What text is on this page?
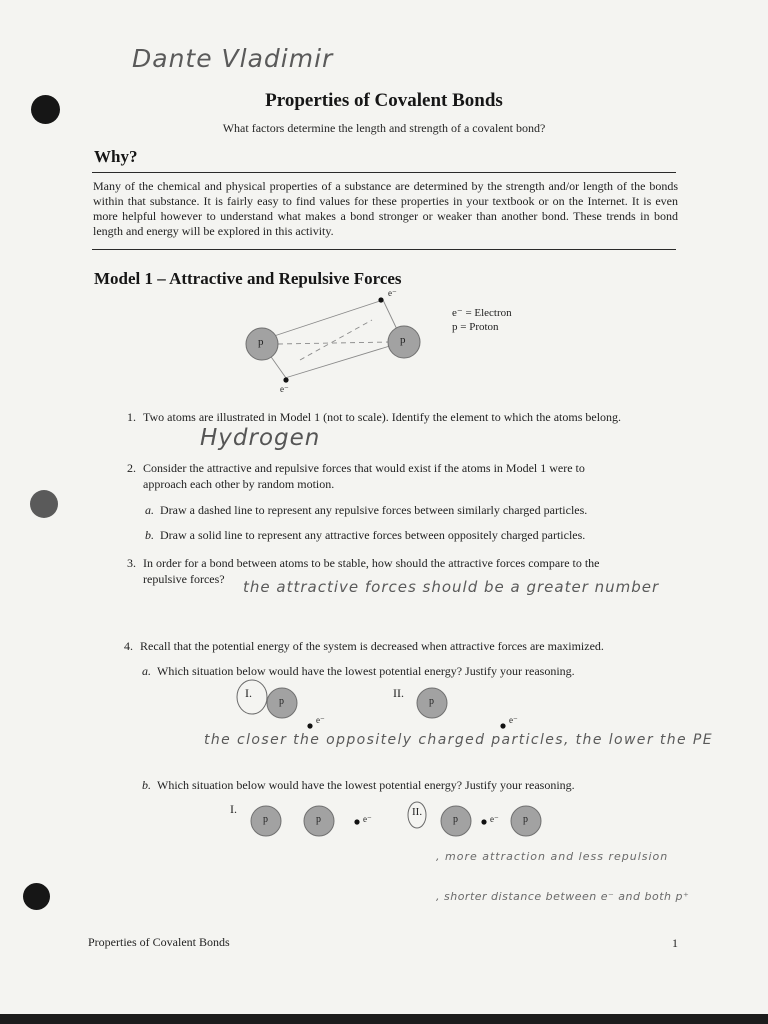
Dante Vladimir
Properties of Covalent Bonds
What factors determine the length and strength of a covalent bond?
Why?
Many of the chemical and physical properties of a substance are determined by the strength and/or length of the bonds within that substance. It is fairly easy to find values for these properties in your textbook or on the Internet. It is even more helpful however to understand what makes a bond stronger or weaker than another bond. These trends in bond length and energy will be explored in this activity.
Model 1 – Attractive and Repulsive Forces
e⁻ = Electron
p = Proton
p	p
e⁻
e⁻
1. Two atoms are illustrated in Model 1 (not to scale). Identify the element to which the atoms belong.
Hydrogen
2. Consider the attractive and repulsive forces that would exist if the atoms in Model 1 were to
approach each other by random motion.
a. Draw a dashed line to represent any repulsive forces between similarly charged particles.
b. Draw a solid line to represent any attractive forces between oppositely charged particles.
3. In order for a bond between atoms to be stable, how should the attractive forces compare to the
repulsive forces? the attractive forces should be a greater number
4. Recall that the potential energy of the system is decreased when attractive forces are maximized.
a. Which situation below would have the lowest potential energy? Justify your reasoning.
I.	II.
p	p
e⁻	e⁻
the closer the oppositely charged particles, the lower the PE
b. Which situation below would have the lowest potential energy? Justify your reasoning.
I.	II.
p	p	e⁻	p	e⁻ p
, more attraction and less repulsion
, shorter distance between e⁻ and both p⁺
Properties of Covalent Bonds	1
